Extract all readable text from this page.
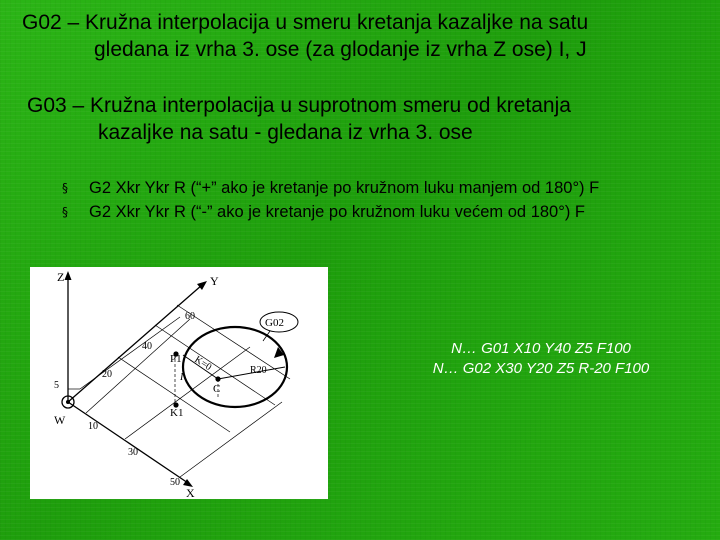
G02 – Kružna interpolacija u smeru kretanja kazaljke na satu
gledana iz vrha 3. ose (za glodanje iz vrha Z ose) I, J
G03 – Kružna interpolacija u suprotnom smeru od kretanja
kazaljke na satu - gledana iz vrha 3. ose
§ G2 Xkr Ykr R (“+” ako je kretanje po kružnom luku manjem od 180°) F
§ G2 Xkr Ykr R (“-” ako je kretanje po kružnom luku većem od 180°) F
Z	Y
X
W
5
60
40
20
10
30
50
G02
P1
K1
C
K=0	R20
I
N… G01 X10 Y40 Z5 F100
N… G02 X30 Y20 Z5 R-20 F100
